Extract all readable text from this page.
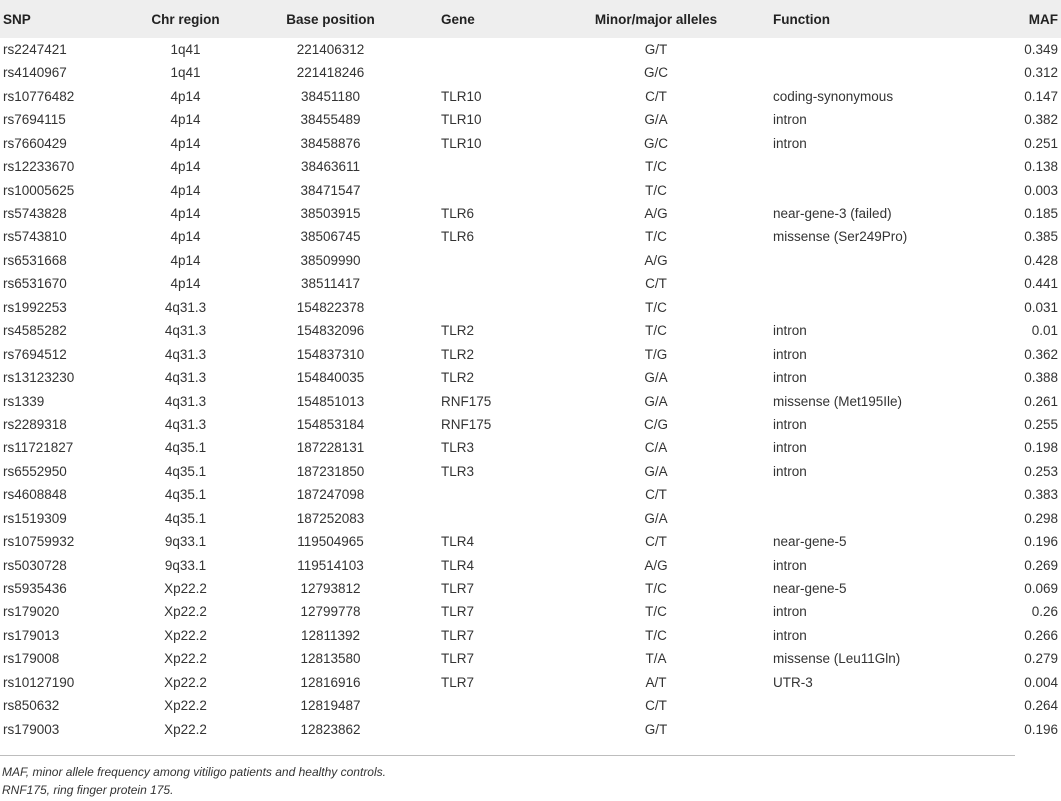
SNP	Chr region	Base position	Gene	Minor/major alleles	Function	MAF
rs2247421	1q41	221406312		G/T		0.349
rs4140967	1q41	221418246		G/C		0.312
rs10776482	4p14	38451180	TLR10	C/T	coding-synonymous	0.147
rs7694115	4p14	38455489	TLR10	G/A	intron	0.382
rs7660429	4p14	38458876	TLR10	G/C	intron	0.251
rs12233670	4p14	38463611		T/C		0.138
rs10005625	4p14	38471547		T/C		0.003
rs5743828	4p14	38503915	TLR6	A/G	near-gene-3 (failed)	0.185
rs5743810	4p14	38506745	TLR6	T/C	missense (Ser249Pro)	0.385
rs6531668	4p14	38509990		A/G		0.428
rs6531670	4p14	38511417		C/T		0.441
rs1992253	4q31.3	154822378		T/C		0.031
rs4585282	4q31.3	154832096	TLR2	T/C	intron	0.01
rs7694512	4q31.3	154837310	TLR2	T/G	intron	0.362
rs13123230	4q31.3	154840035	TLR2	G/A	intron	0.388
rs1339	4q31.3	154851013	RNF175	G/A	missense (Met195Ile)	0.261
rs2289318	4q31.3	154853184	RNF175	C/G	intron	0.255
rs11721827	4q35.1	187228131	TLR3	C/A	intron	0.198
rs6552950	4q35.1	187231850	TLR3	G/A	intron	0.253
rs4608848	4q35.1	187247098		C/T		0.383
rs1519309	4q35.1	187252083		G/A		0.298
rs10759932	9q33.1	119504965	TLR4	C/T	near-gene-5	0.196
rs5030728	9q33.1	119514103	TLR4	A/G	intron	0.269
rs5935436	Xp22.2	12793812	TLR7	T/C	near-gene-5	0.069
rs179020	Xp22.2	12799778	TLR7	T/C	intron	0.26
rs179013	Xp22.2	12811392	TLR7	T/C	intron	0.266
rs179008	Xp22.2	12813580	TLR7	T/A	missense (Leu11Gln)	0.279
rs10127190	Xp22.2	12816916	TLR7	A/T	UTR-3	0.004
rs850632	Xp22.2	12819487		C/T		0.264
rs179003	Xp22.2	12823862		G/T		0.196
MAF, minor allele frequency among vitiligo patients and healthy controls.
RNF175, ring finger protein 175.
